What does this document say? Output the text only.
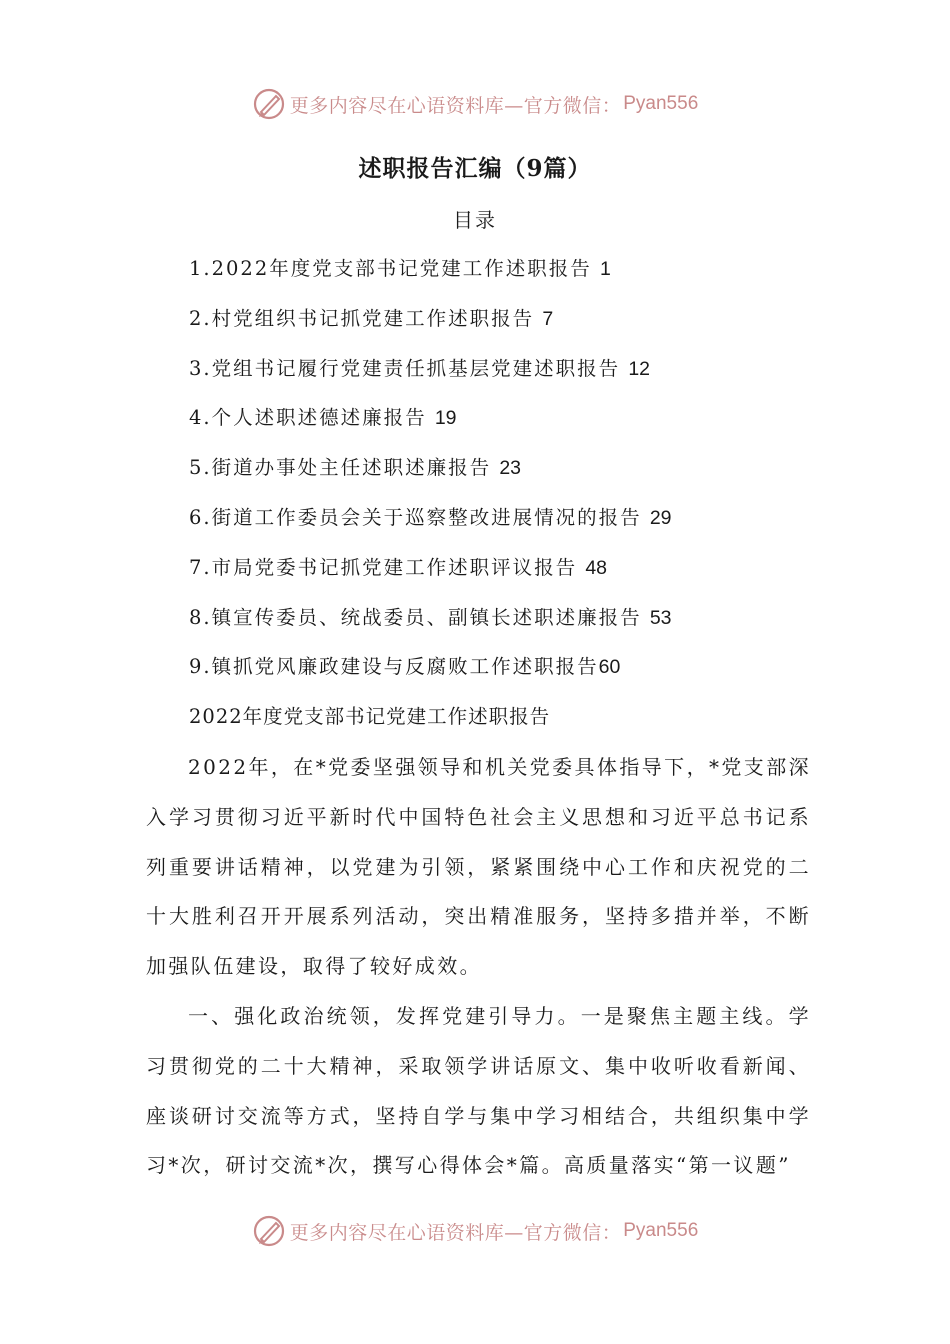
更多内容尽在心语资料库—官方微信： Pyan556
述职报告汇编（9篇）
目录
1.2022年度党支部书记党建工作述职报告 1
2.村党组织书记抓党建工作述职报告 7
3.党组书记履行党建责任抓基层党建述职报告 12
4.个人述职述德述廉报告 19
5.街道办事处主任述职述廉报告 23
6.街道工作委员会关于巡察整改进展情况的报告 29
7.市局党委书记抓党建工作述职评议报告 48
8.镇宣传委员、统战委员、副镇长述职述廉报告 53
9.镇抓党风廉政建设与反腐败工作述职报告60
2022年度党支部书记党建工作述职报告

2022年，在*党委坚强领导和机关党委具体指导下，*党支部深入学习贯彻习近平新时代中国特色社会主义思想和习近平总书记系列重要讲话精神，以党建为引领，紧紧围绕中心工作和庆祝党的二十大胜利召开开展系列活动，突出精准服务，坚持多措并举，不断加强队伍建设，取得了较好成效。

一、强化政治统领，发挥党建引导力。一是聚焦主题主线。学习贯彻党的二十大精神，采取领学讲话原文、集中收听收看新闻、座谈研讨交流等方式，坚持自学与集中学习相结合，共组织集中学习*次，研讨交流*次，撰写心得体会*篇。高质量落实“第一议题”

更多内容尽在心语资料库—官方微信： Pyan556
